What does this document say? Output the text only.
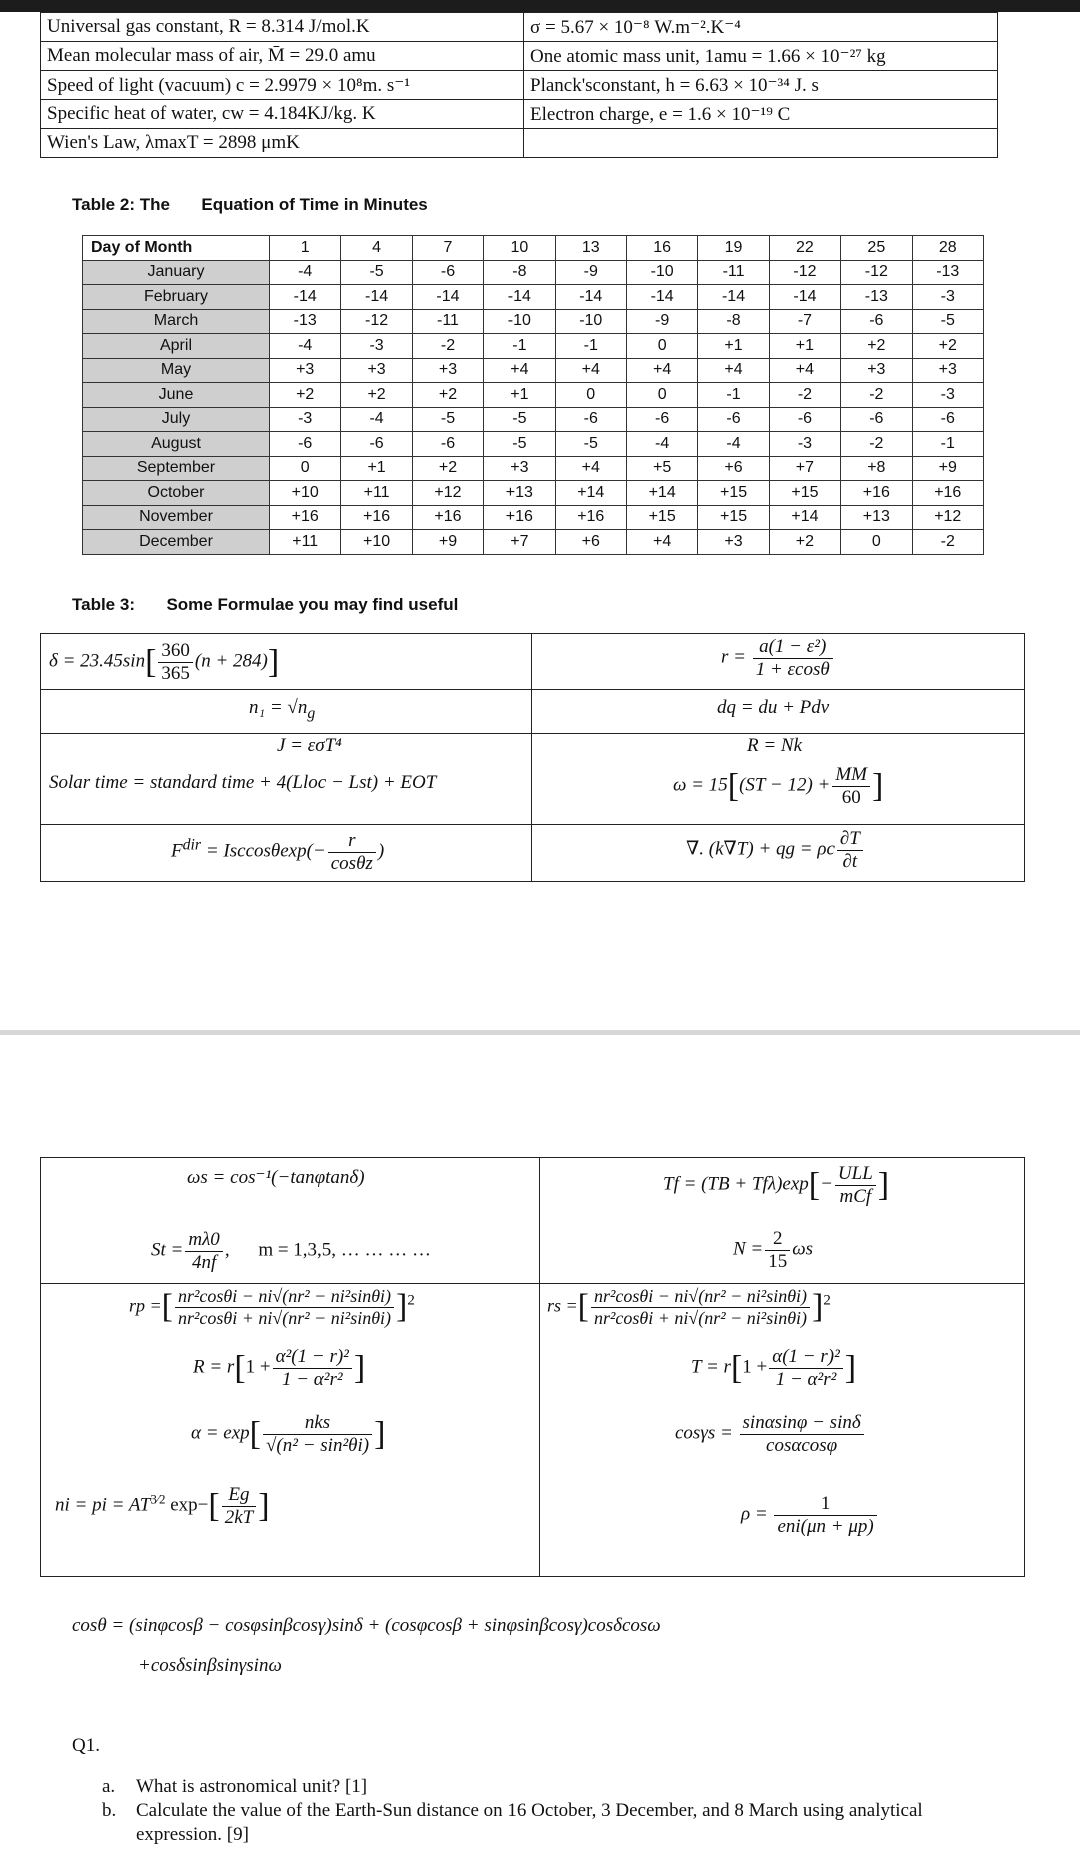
Universal gas constant, R = 8.314 J/mol.K	σ = 5.67 × 10⁻⁸ W.m⁻².K⁻⁴
Mean molecular mass of air, M̄ = 29.0 amu	One atomic mass unit, 1amu = 1.66 × 10⁻²⁷ kg
Speed of light (vacuum) c = 2.9979 × 10⁸m. s⁻¹	Planck'sconstant, h = 6.63 × 10⁻³⁴ J. s
Specific heat of water, cw = 4.184KJ/kg. K	Electron charge, e = 1.6 × 10⁻¹⁹ C
Wien's Law, λmaxT = 2898 μmK	
Table 2: The Equation of Time in Minutes
Day of Month	1	4	7	10	13	16	19	22	25	28
January	-4	-5	-6	-8	-9	-10	-11	-12	-12	-13
February	-14	-14	-14	-14	-14	-14	-14	-14	-13	-3
March	-13	-12	-11	-10	-10	-9	-8	-7	-6	-5
April	-4	-3	-2	-1	-1	0	+1	+1	+2	+2
May	+3	+3	+3	+4	+4	+4	+4	+4	+3	+3
June	+2	+2	+2	+1	0	0	-1	-2	-2	-3
July	-3	-4	-5	-5	-6	-6	-6	-6	-6	-6
August	-6	-6	-6	-5	-5	-4	-4	-3	-2	-1
September	0	+1	+2	+3	+4	+5	+6	+7	+8	+9
October	+10	+11	+12	+13	+14	+14	+15	+15	+16	+16
November	+16	+16	+16	+16	+16	+15	+15	+14	+13	+12
December	+11	+10	+9	+7	+6	+4	+3	+2	0	-2
Table 3: Some Formulae you may find useful
$\delta = 23.45\sin[ \frac{360}{365} (n + 284)]$	$r = \frac{\text{a(1 − ε²)}}{1 + \varepsilon\cos\theta}$
$n_1 = √n_g$	dq = du + Pdv
J = εσT⁴	R = Nk
Solar time = standard time + 4(Lloc − Lst) + EOT	$\omega = 15[(ST - 12) + \frac{MM}{60}$ ]
$F^{dir} = Isccos\theta\exp(- \frac{r}{\cos\theta z}$ )	∇. (k∇T) + qg = ρc $\frac{\partial T}{\partial t}$
ωs = cos⁻¹(−tanφtanδ)	$Tf = (TB + Tf\lambda)\exp[- \frac{\text{ULL}}{\text{mCf}}$ ]
$St = \frac{m\lambda 0}{4nf}$ , m = 1,3,5, … … … …	$N = \frac{2}{15}$ ωs
rp =[ $\frac{\text{nr²cosθi − ni√(nr² − ni²sinθi)}}{\text{nr²cosθi + ni√(nr² − ni²sinθi)}} ]^2$	rs =[ $\frac{\text{nr²cosθi − ni√(nr² − ni²sinθi)}}{\text{nr²cosθi + ni√(nr² − ni²sinθi)}} ]^2$
$R = r[1 + \frac{\text{α²(1 − r)²}}{\text{1 − α²r²}}$ ]	$T = r[1 + \frac{\text{α(1 − r)²}}{\text{1 − α²r²}}$ ]
$\alpha = \exp[ \frac{\text{nks}}{\text{√(n² − sin²θi)}}$ ]	$\cos\gamma s = \frac{\sin\alpha\sin\varphi - \sin\delta}{\cos\alpha\cos\varphi}$
ni = pi = $AT^{3⁄2}$ $\exp-[ \frac{Eg}{2kT}$ ]	$\rho = \frac{1}{\text{eni(μn + μp)}}$
cosθ = (sinφcosβ − cosφsinβcosγ)sinδ + (cosφcosβ + sinφsinβcosγ)cosδcosω
+cosδsinβsinγsinω
Q1.
a. What is astronomical unit? [1]
b. Calculate the value of the Earth-Sun distance on 16 October, 3 December, and 8 March using analytical expression. [9]
